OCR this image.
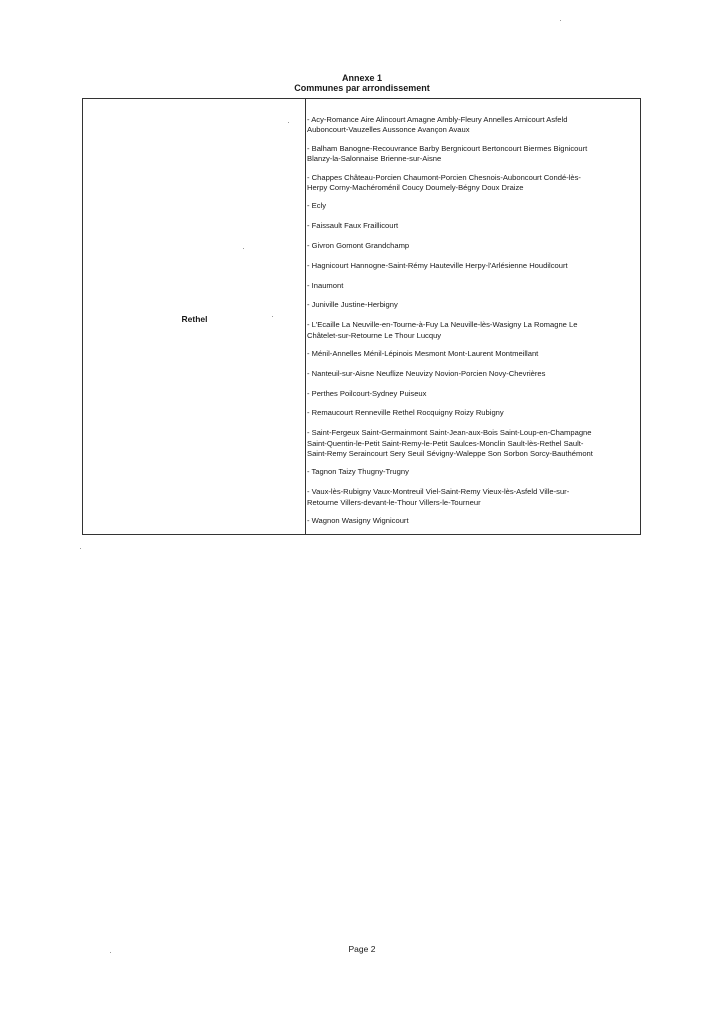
Annexe 1
Communes par arrondissement
Rethel
- Acy-Romance Aire Alincourt Amagne Ambly-Fleury Annelles Arnicourt Asfeld
Auboncourt-Vauzelles Aussonce Avançon Avaux
- Balham Banogne-Recouvrance Barby Bergnicourt Bertoncourt Biermes Bignicourt
Blanzy-la-Salonnaise Brienne-sur-Aisne
- Chappes Château-Porcien Chaumont-Porcien Chesnois-Auboncourt Condé-lès-
Herpy Corny-Machéroménil Coucy Doumely-Bégny Doux Draize
- Ecly
- Faissault Faux Fraillicourt
- Givron Gomont Grandchamp
- Hagnicourt Hannogne-Saint-Rémy Hauteville Herpy-l'Arlésienne Houdilcourt
- Inaumont
- Juniville Justine-Herbigny
- L'Ecaille La Neuville-en-Tourne-à-Fuy La Neuville-lès-Wasigny La Romagne Le
Châtelet-sur-Retourne Le Thour Lucquy
- Ménil-Annelles Ménil-Lépinois Mesmont Mont-Laurent Montmeillant
- Nanteuil-sur-Aisne Neuflize Neuvizy Novion-Porcien Novy-Chevrières
- Perthes Poilcourt-Sydney Puiseux
- Remaucourt Renneville Rethel Rocquigny Roizy Rubigny
- Saint-Fergeux Saint-Germainmont Saint-Jean-aux-Bois Saint-Loup-en-Champagne
Saint-Quentin-le-Petit Saint-Remy-le-Petit Saulces-Monclin Sault-lès-Rethel Sault-
Saint-Remy Seraincourt Sery Seuil Sévigny-Waleppe Son Sorbon Sorcy-Bauthémont
- Tagnon Taizy Thugny-Trugny
- Vaux-lès-Rubigny Vaux-Montreuil Viel-Saint-Remy Vieux-lès-Asfeld Ville-sur-
Retourne Villers-devant-le-Thour Villers-le-Tourneur
- Wagnon Wasigny Wignicourt
Page 2
